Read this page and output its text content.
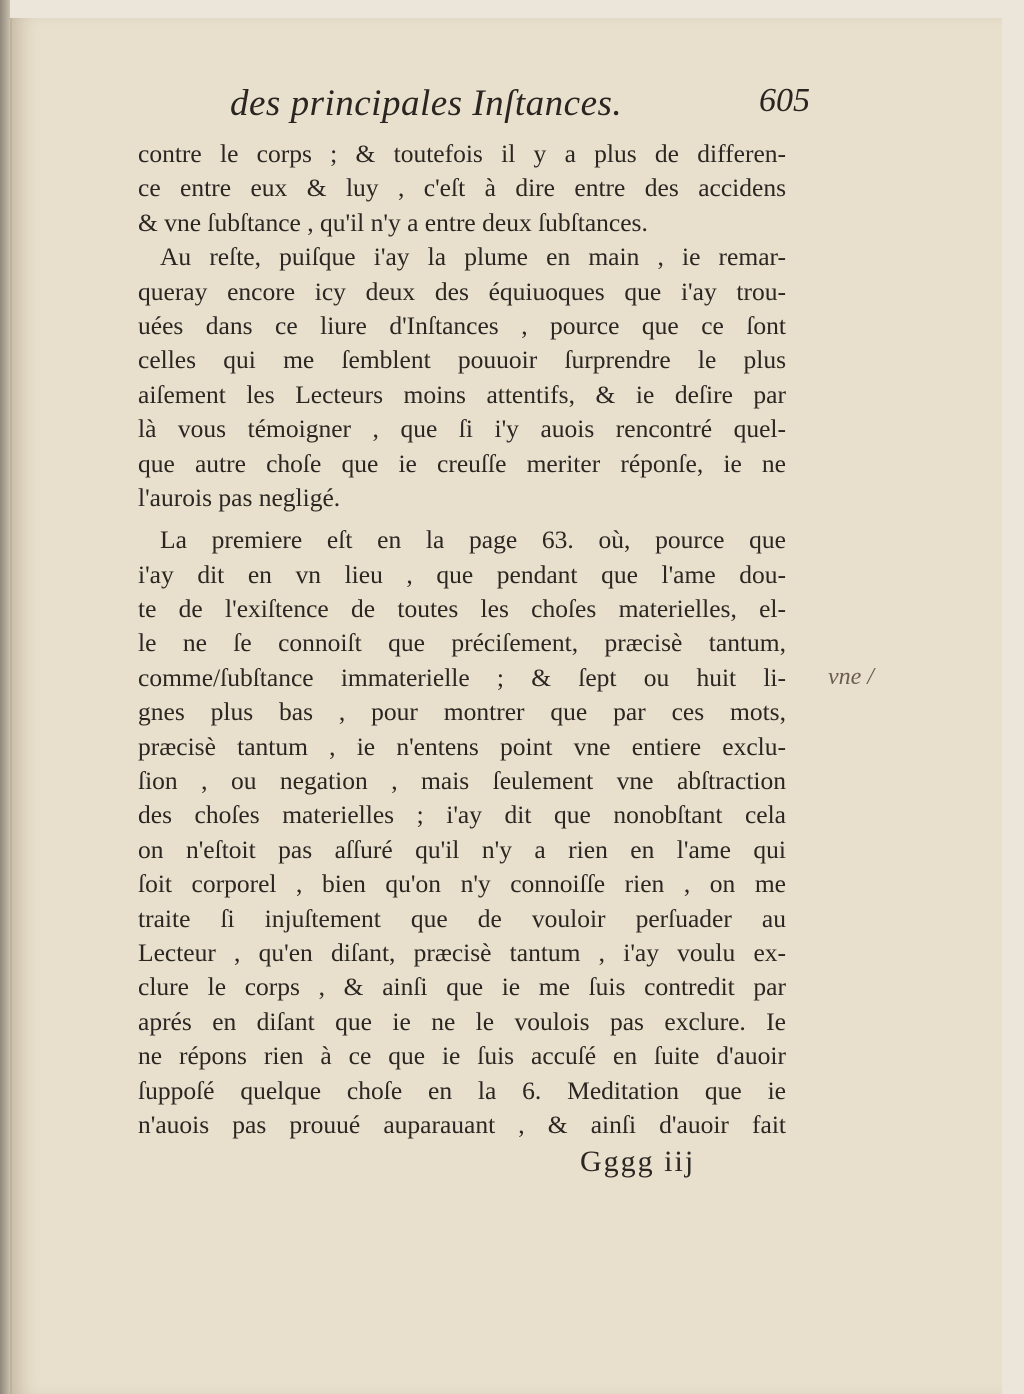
des principales Inſtances.	605
contre le corps ; & toutefois il y a plus de differen-
ce entre eux & luy , c'eſt à dire entre des accidens
& vne ſubſtance , qu'il n'y a entre deux ſubſtances.
Au reſte, puiſque i'ay la plume en main , ie remar-
queray encore icy deux des équiuoques que i'ay trou-
uées dans ce liure d'Inſtances , pource que ce ſont
celles qui me ſemblent pouuoir ſurprendre le plus
aiſement les Lecteurs moins attentifs, & ie deſire par
là vous témoigner , que ſi i'y auois rencontré quel-
que autre choſe que ie creuſſe meriter réponſe, ie ne
l'aurois pas negligé.
La premiere eſt en la page 63. où, pource que
i'ay dit en vn lieu , que pendant que l'ame dou-
te de l'exiſtence de toutes les choſes materielles, el-
le ne ſe connoiſt que préciſement, præcisè tantum,
comme/ſubſtance immaterielle ; & ſept ou huit li-
gnes plus bas , pour montrer que par ces mots,
præcisè tantum , ie n'entens point vne entiere exclu-
ſion , ou negation , mais ſeulement vne abſtraction
des choſes materielles ; i'ay dit que nonobſtant cela
on n'eſtoit pas aſſuré qu'il n'y a rien en l'ame qui
ſoit corporel , bien qu'on n'y connoiſſe rien , on me
traite ſi injuſtement que de vouloir perſuader au
Lecteur , qu'en diſant, præcisè tantum , i'ay voulu ex-
clure le corps , & ainſi que ie me ſuis contredit par
aprés en diſant que ie ne le voulois pas exclure. Ie
ne répons rien à ce que ie ſuis accuſé en ſuite d'auoir
ſuppoſé quelque choſe en la 6. Meditation que ie
n'auois pas prouué auparauant , & ainſi d'auoir fait
Gggg iij
vne /
